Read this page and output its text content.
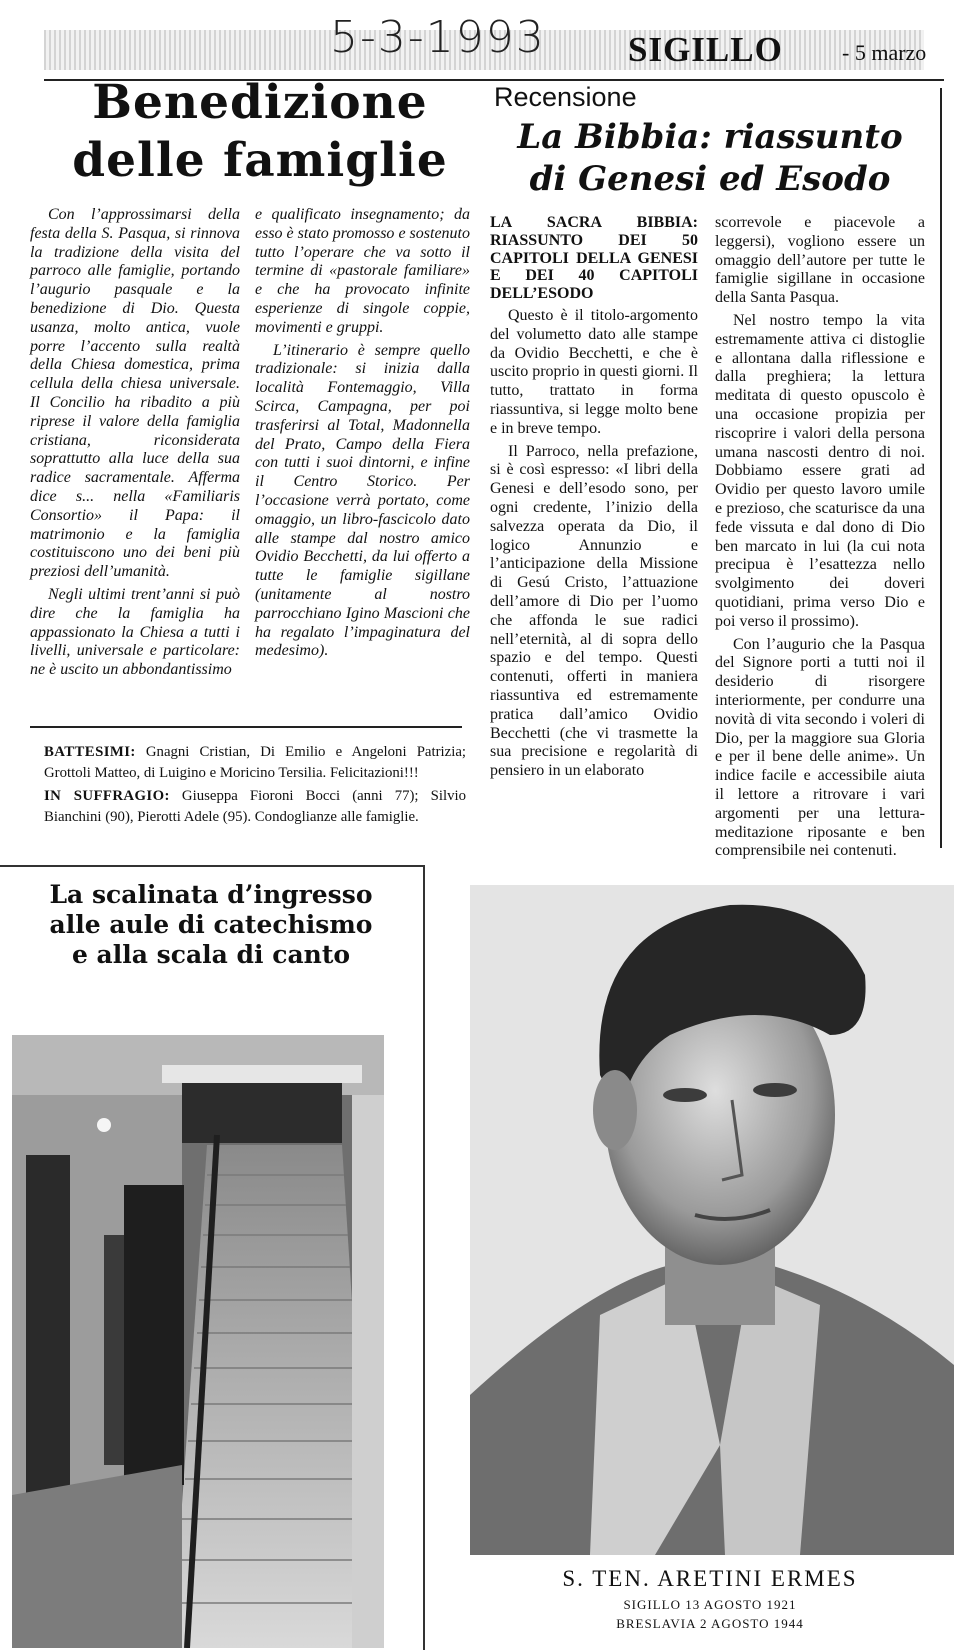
5-3-1993 SIGILLO	- 5 marzo
Benedizione
delle famiglie
Recensione
La Bibbia: riassunto
di Genesi ed Esodo

Con l’approssimarsi della festa della S. Pasqua, si rinnova la tradizione della visita del parroco alle famiglie, portando l’augurio pasquale e la benedizione di Dio. Questa usanza, molto antica, vuole porre l’accento sulla realtà della Chiesa domestica, prima cellula della chiesa universale. Il Concilio ha ribadito a più riprese il valore della famiglia cristiana, riconsiderata soprattutto alla luce della sua radice sacramentale. Afferma dice s... nella «Familiaris Consortio» il Papa: il matrimonio e la famiglia costituiscono uno dei beni più preziosi dell’umanità.

Negli ultimi trent’anni si può dire che la famiglia ha appassionato la Chiesa a tutti i livelli, universale e particolare: ne è uscito un abbondantissimo

e qualificato insegnamento; da esso è stato promosso e sostenuto tutto l’operare che va sotto il termine di «pastorale familiare» e che ha provocato infinite esperienze di singole coppie, movimenti e gruppi.

L’itinerario è sempre quello tradizionale: si inizia dalla località Fontemaggio, Villa Scirca, Campagna, per poi trasferirsi al Total, Madonnella del Prato, Campo della Fiera con tutti i suoi dintorni, e infine il Centro Storico. Per l’occasione verrà portato, come omaggio, un libro-fascicolo dato alle stampe dal nostro amico Ovidio Becchetti, da lui offerto a tutte le famiglie sigillane (unitamente al nostro parrocchiano Igino Mascioni che ha regalato l’impaginatura del medesimo).

BATTESIMI: Gnagni Cristian, Di Emilio e Angeloni Patrizia; Grottoli Matteo, di Luigino e Moricino Tersilia. Felicitazioni!!!

IN SUFFRAGIO: Giuseppa Fioroni Bocci (anni 77); Silvio Bianchini (90), Pierotti Adele (95). Condoglianze alle famiglie.

LA SACRA BIBBIA: RIASSUNTO DEI 50 CAPITOLI DELLA GENESI E DEI 40 CAPITOLI DELL’ESODO

Questo è il titolo-argomento del volumetto dato alle stampe da Ovidio Becchetti, e che è uscito proprio in questi giorni. Il tutto, trattato in forma riassuntiva, si legge molto bene e in breve tempo.

Il Parroco, nella prefazione, si è così espresso: «I libri della Genesi e dell’esodo sono, per ogni credente, l’inizio della salvezza operata da Dio, il logico Annunzio e l’anticipazione della Missione di Gesú Cristo, l’attuazione dell’amore di Dio per l’uomo che affonda le sue radici nell’eternità, al di sopra dello spazio e del tempo. Questi contenuti, offerti in maniera riassuntiva ed estremamente pratica dall’amico Ovidio Becchetti (che vi trasmette la sua precisione e regolarità di pensiero in un elaborato

scorrevole e piacevole a leggersi), vogliono essere un omaggio dell’autore per tutte le famiglie sigillane in occasione della Santa Pasqua.

Nel nostro tempo la vita estremamente attiva ci distoglie e allontana dalla riflessione e dalla preghiera; la lettura meditata di questo opuscolo è una occasione propizia per riscoprire i valori della persona umana nascosti dentro di noi. Dobbiamo essere grati ad Ovidio per questo lavoro umile e prezioso, che scaturisce da una fede vissuta e dal dono di Dio ben marcato in lui (la cui nota precipua è l’esattezza nello svolgimento dei doveri quotidiani, prima verso Dio e poi verso il prossimo).

Con l’augurio che la Pasqua del Signore porti a tutti noi il desiderio di risorgere interiormente, per condurre una novità di vita secondo i voleri di Dio, per la maggiore sua Gloria e per il bene delle anime». Un indice facile e accessibile aiuta il lettore a ritrovare i vari argomenti per una lettura-meditazione riposante e ben comprensibile nei contenuti.

La scalinata d’ingresso
alle aule di catechismo
e alla scala di canto
S. TEN. ARETINI ERMES
SIGILLO 13 AGOSTO 1921
BRESLAVIA 2 AGOSTO 1944
